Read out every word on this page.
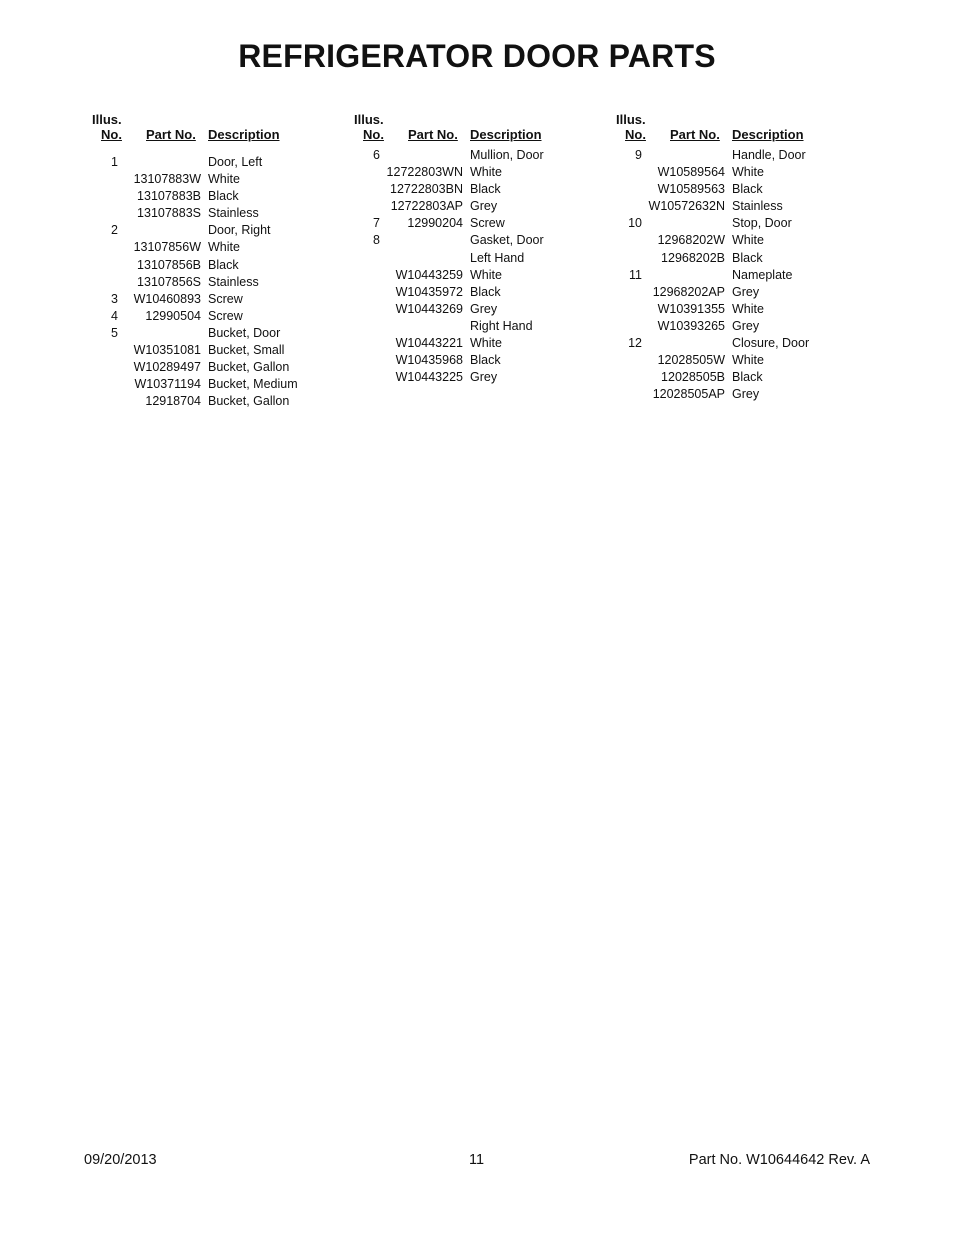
REFRIGERATOR DOOR PARTS
Illus.
No. Part No. Description
1	Door, Left
13107883W White
13107883B Black
13107883S Stainless
2	Door, Right
13107856W White
13107856B Black
13107856S Stainless
3	W10460893 Screw
4	12990504 Screw
5	Bucket, Door
W10351081 Bucket, Small
W10289497 Bucket, Gallon
W10371194 Bucket, Medium
12918704 Bucket, Gallon
Illus.
No. Part No. Description
6	Mullion, Door
12722803WN White
12722803BN Black
12722803AP Grey
7	12990204 Screw
8	Gasket, Door
Left Hand
W10443259 White
W10435972 Black
W10443269 Grey
Right Hand
W10443221 White
W10435968 Black
W10443225 Grey
Illus.
No. Part No. Description
9	Handle, Door
W10589564 White
W10589563 Black
W10572632N Stainless
10	Stop, Door
12968202W White
12968202B Black
11	Nameplate
12968202AP Grey
W10391355 White
W10393265 Grey
12	Closure, Door
12028505W White
12028505B Black
12028505AP Grey
09/20/2013	11	Part No. W10644642 Rev. A
